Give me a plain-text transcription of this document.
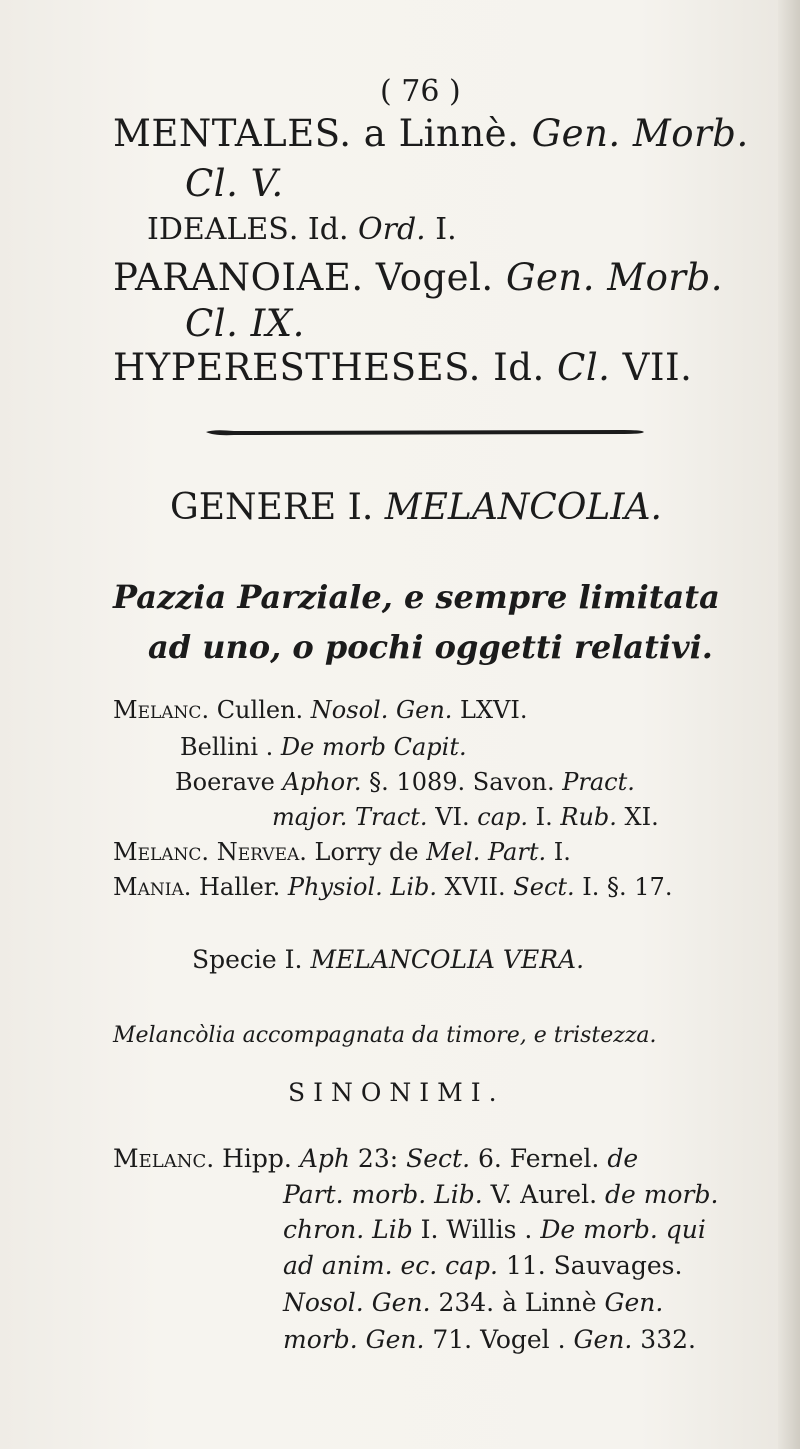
( 76 )
MENTALES. a Linnè. Gen. Morb.
Cl. V.
IDEALES. Id. Ord. I.
PARANOIAE. Vogel. Gen. Morb.
Cl. IX.
HYPERESTHESES. Id. Cl. VII.
GENERE I. MELANCOLIA.
Pazzia Parziale, e sempre limitata
ad uno, o pochi oggetti relativi.
Melanc. Cullen. Nosol. Gen. LXVI.
Bellini . De morb Capit.
Boerave Aphor. §. 1089. Savon. Pract.
major. Tract. VI. cap. I. Rub. XI.
Melanc. Nervea. Lorry de Mel. Part. I.
Mania. Haller. Physiol. Lib. XVII. Sect. I. §. 17.
Specie I. MELANCOLIA VERA.
Melancòlia accompagnata da timore, e tristezza.
SINONIMI.
Melanc. Hipp. Aph 23: Sect. 6. Fernel. de
Part. morb. Lib. V. Aurel. de morb.
chron. Lib I. Willis . De morb. qui
ad anim. ec. cap. 11. Sauvages.
Nosol. Gen. 234. à Linnè Gen.
morb. Gen. 71. Vogel . Gen. 332.
